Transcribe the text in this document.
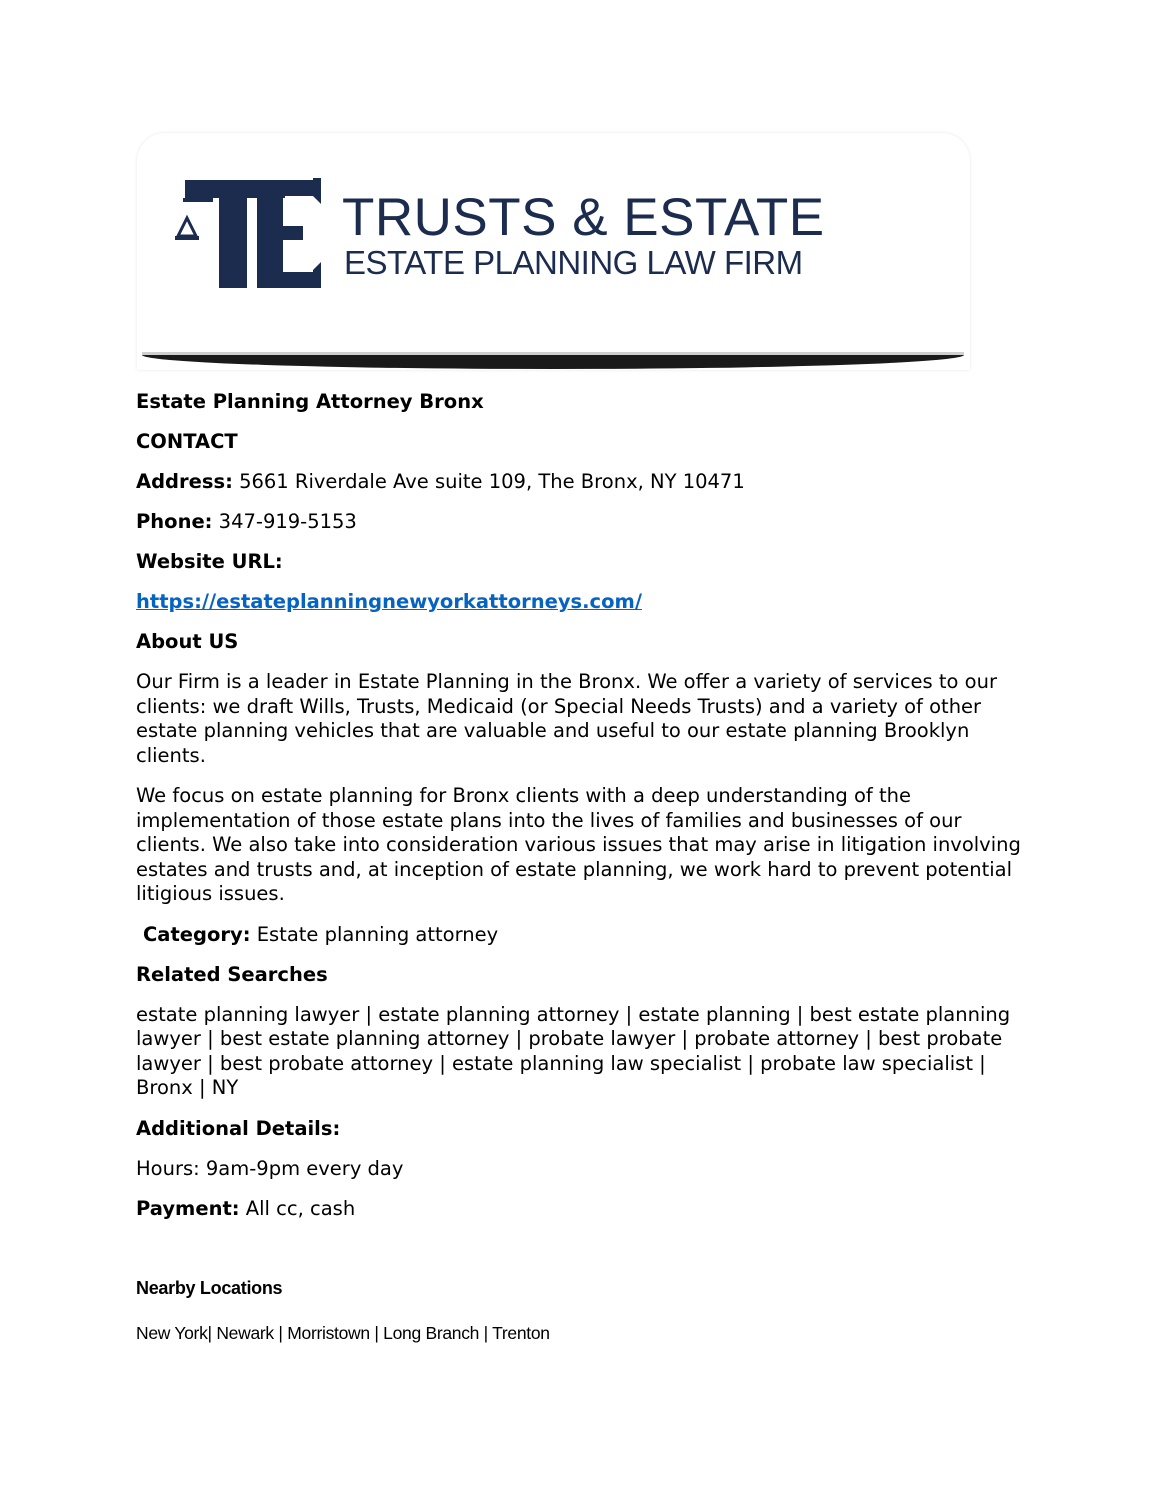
TRUSTS & ESTATE
ESTATE PLANNING LAW FIRM
Estate Planning Attorney Bronx
CONTACT
Address: 5661 Riverdale Ave suite 109, The Bronx, NY 10471
Phone: 347-919-5153
Website URL:
https://estateplanningnewyorkattorneys.com/
About US
Our Firm is a leader in Estate Planning in the Bronx. We offer a variety of services to our clients: we draft Wills, Trusts, Medicaid (or Special Needs Trusts) and a variety of other estate planning vehicles that are valuable and useful to our estate planning Brooklyn clients.
We focus on estate planning for Bronx clients with a deep understanding of the implementation of those estate plans into the lives of families and businesses of our clients. We also take into consideration various issues that may arise in litigation involving estates and trusts and, at inception of estate planning, we work hard to prevent potential litigious issues.
Category: Estate planning attorney
Related Searches
estate planning lawyer | estate planning attorney | estate planning | best estate planning lawyer | best estate planning attorney | probate lawyer | probate attorney | best probate lawyer | best probate attorney | estate planning law specialist | probate law specialist | Bronx | NY
Additional Details:
Hours: 9am-9pm every day
Payment: All cc, cash
Nearby Locations
New York| Newark | Morristown | Long Branch | Trenton
